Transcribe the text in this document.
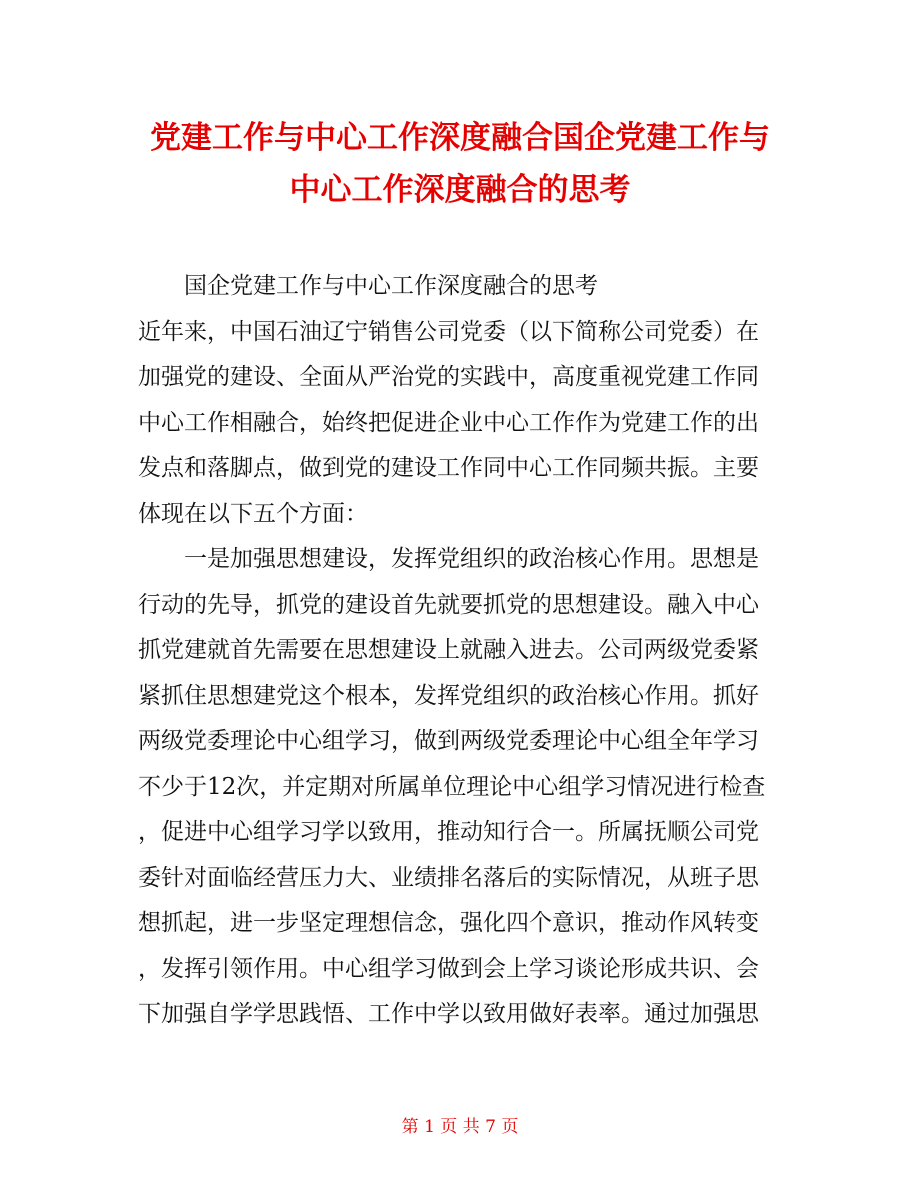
党建工作与中心工作深度融合国企党建工作与
中心工作深度融合的思考
国企党建工作与中心工作深度融合的思考
近年来，中国石油辽宁销售公司党委（以下简称公司党委）在
加强党的建设、全面从严治党的实践中，高度重视党建工作同
中心工作相融合，始终把促进企业中心工作作为党建工作的出
发点和落脚点，做到党的建设工作同中心工作同频共振。主要
体现在以下五个方面：
一是加强思想建设，发挥党组织的政治核心作用。思想是
行动的先导，抓党的建设首先就要抓党的思想建设。融入中心
抓党建就首先需要在思想建设上就融入进去。公司两级党委紧
紧抓住思想建党这个根本，发挥党组织的政治核心作用。抓好
两级党委理论中心组学习，做到两级党委理论中心组全年学习
不少于12次，并定期对所属单位理论中心组学习情况进行检查
，促进中心组学习学以致用，推动知行合一。所属抚顺公司党
委针对面临经营压力大、业绩排名落后的实际情况，从班子思
想抓起，进一步坚定理想信念，强化四个意识，推动作风转变
，发挥引领作用。中心组学习做到会上学习谈论形成共识、会
下加强自学学思践悟、工作中学以致用做好表率。通过加强思
第 1 页 共 7 页
